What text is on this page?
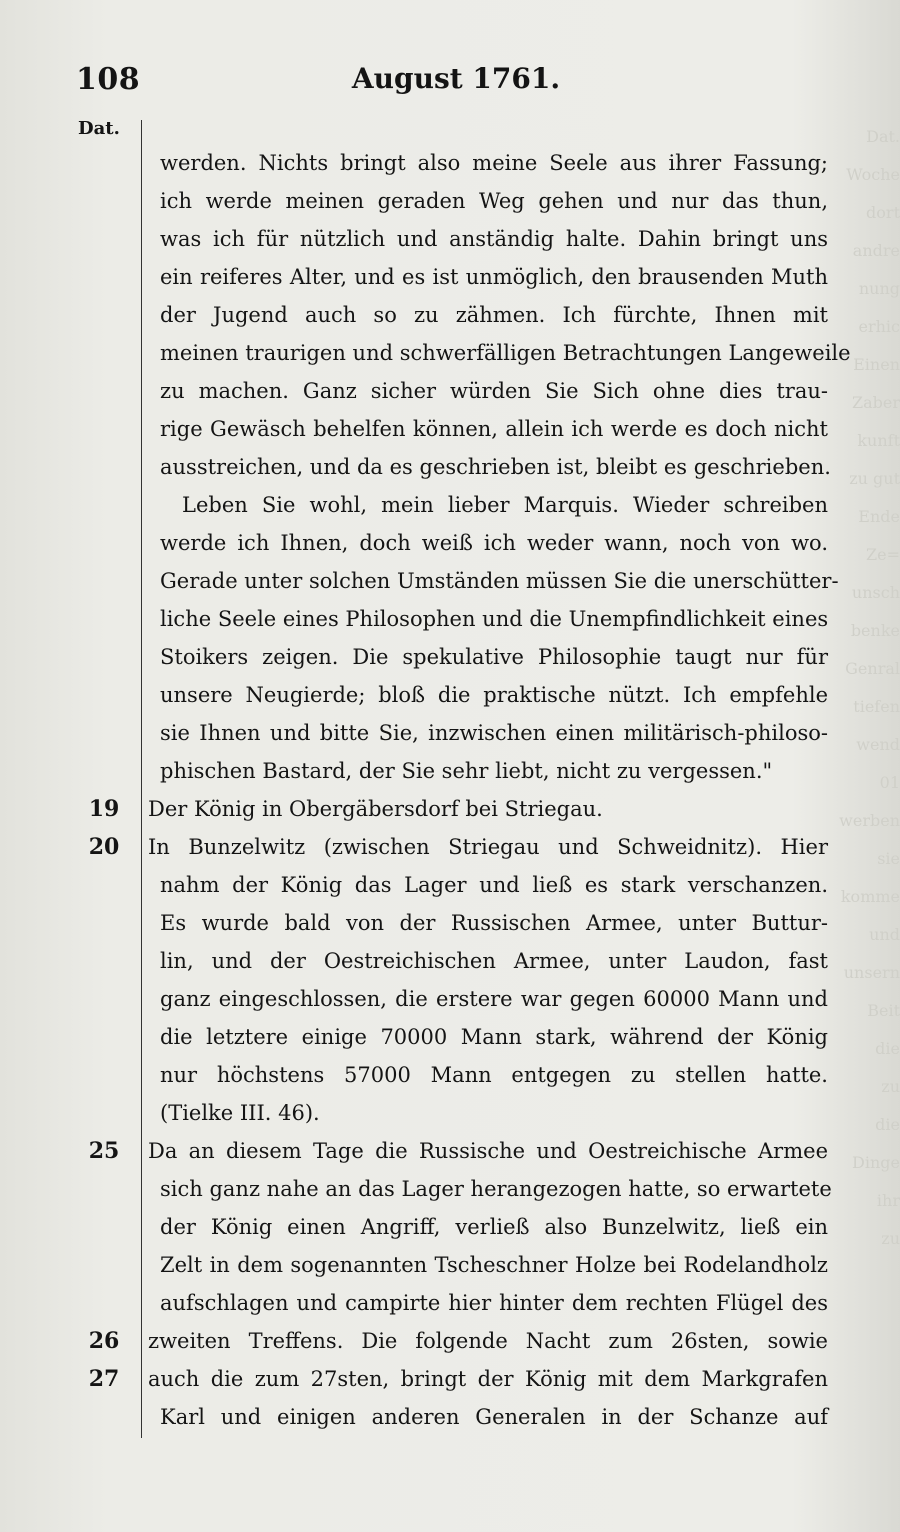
Dat.
Woche
dort
andre
nung
erhic
Einen
Zaber
kunft
zu gut
Ende
Ze=
unsch
benke
Genral
tiefen
wend
01
werben
sie
komme
und
unsern
Beit
die
zu
die
Dinge
ihr
zu
108	August 1761.
Dat.
werden. Nichts bringt also meine Seele aus ihrer Fassung;
ich werde meinen geraden Weg gehen und nur das thun,
was ich für nützlich und anständig halte. Dahin bringt uns
ein reiferes Alter, und es ist unmöglich, den brausenden Muth
der Jugend auch so zu zähmen. Ich fürchte, Ihnen mit
meinen traurigen und schwerfälligen Betrachtungen Langeweile
zu machen. Ganz sicher würden Sie Sich ohne dies trau-
rige Gewäsch behelfen können, allein ich werde es doch nicht
ausstreichen, und da es geschrieben ist, bleibt es geschrieben.
Leben Sie wohl, mein lieber Marquis. Wieder schreiben
werde ich Ihnen, doch weiß ich weder wann, noch von wo.
Gerade unter solchen Umständen müssen Sie die unerschütter-
liche Seele eines Philosophen und die Unempfindlichkeit eines
Stoikers zeigen. Die spekulative Philosophie taugt nur für
unsere Neugierde; bloß die praktische nützt. Ich empfehle
sie Ihnen und bitte Sie, inzwischen einen militärisch-philoso-
phischen Bastard, der Sie sehr liebt, nicht zu vergessen."
19	Der König in Obergäbersdorf bei Striegau.
20	In Bunzelwitz (zwischen Striegau und Schweidnitz). Hier
nahm der König das Lager und ließ es stark verschanzen.
Es wurde bald von der Russischen Armee, unter Buttur-
lin, und der Oestreichischen Armee, unter Laudon, fast
ganz eingeschlossen, die erstere war gegen 60000 Mann und
die letztere einige 70000 Mann stark, während der König
nur höchstens 57000 Mann entgegen zu stellen hatte.
(Tielke III. 46).
25	Da an diesem Tage die Russische und Oestreichische Armee
sich ganz nahe an das Lager herangezogen hatte, so erwartete
der König einen Angriff, verließ also Bunzelwitz, ließ ein
Zelt in dem sogenannten Tscheschner Holze bei Rodelandholz
aufschlagen und campirte hier hinter dem rechten Flügel des
26	zweiten Treffens. Die folgende Nacht zum 26sten, sowie
27	auch die zum 27sten, bringt der König mit dem Markgrafen
Karl und einigen anderen Generalen in der Schanze auf
